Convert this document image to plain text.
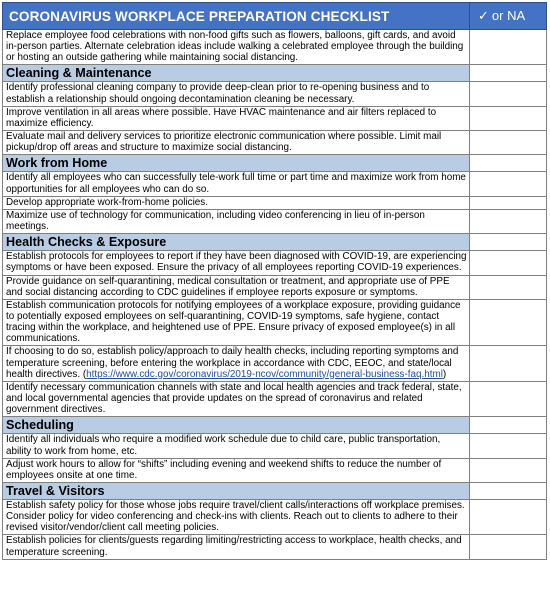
CORONAVIRUS WORKPLACE PREPARATION CHECKLIST	✓ or NA
Replace employee food celebrations with non-food gifts such as flowers, balloons, gift cards, and avoid in-person parties. Alternate celebration ideas include walking a celebrated employee through the building or hosting an outside gathering while maintaining social distancing.	
Cleaning & Maintenance	
Identify professional cleaning company to provide deep-clean prior to re-opening business and to establish a relationship should ongoing decontamination cleaning be necessary.	
Improve ventilation in all areas where possible. Have HVAC maintenance and air filters replaced to maximize efficiency.	
Evaluate mail and delivery services to prioritize electronic communication where possible. Limit mail pickup/drop off areas and structure to maximize social distancing.	
Work from Home	
Identify all employees who can successfully tele-work full time or part time and maximize work from home opportunities for all employees who can do so.	
Develop appropriate work-from-home policies.	
Maximize use of technology for communication, including video conferencing in lieu of in-person meetings.	
Health Checks & Exposure	
Establish protocols for employees to report if they have been diagnosed with COVID-19, are experiencing symptoms or have been exposed. Ensure the privacy of all employees reporting COVID-19 experiences.	
Provide guidance on self-quarantining, medical consultation or treatment, and appropriate use of PPE and social distancing according to CDC guidelines if employee reports exposure or symptoms.	
Establish communication protocols for notifying employees of a workplace exposure, providing guidance to potentially exposed employees on self-quarantining, COVID-19 symptoms, safe hygiene, contact tracing within the workplace, and heightened use of PPE. Ensure privacy of exposed employee(s) in all communications.	
If choosing to do so, establish policy/approach to daily health checks, including reporting symptoms and temperature screening, before entering the workplace in accordance with CDC, EEOC, and state/local health directives. (https://www.cdc.gov/coronavirus/2019-ncov/community/general-business-faq.html)	
Identify necessary communication channels with state and local health agencies and track federal, state, and local governmental agencies that provide updates on the spread of coronavirus and related government directives.	
Scheduling	
Identify all individuals who require a modified work schedule due to child care, public transportation, ability to work from home, etc.	
Adjust work hours to allow for “shifts” including evening and weekend shifts to reduce the number of employees onsite at one time.	
Travel & Visitors	
Establish safety policy for those whose jobs require travel/client calls/interactions off workplace premises. Consider policy for video conferencing and check-ins with clients. Reach out to clients to adhere to their revised visitor/vendor/client call meeting policies.	
Establish policies for clients/guests regarding limiting/restricting access to workplace, health checks, and temperature screening.	
